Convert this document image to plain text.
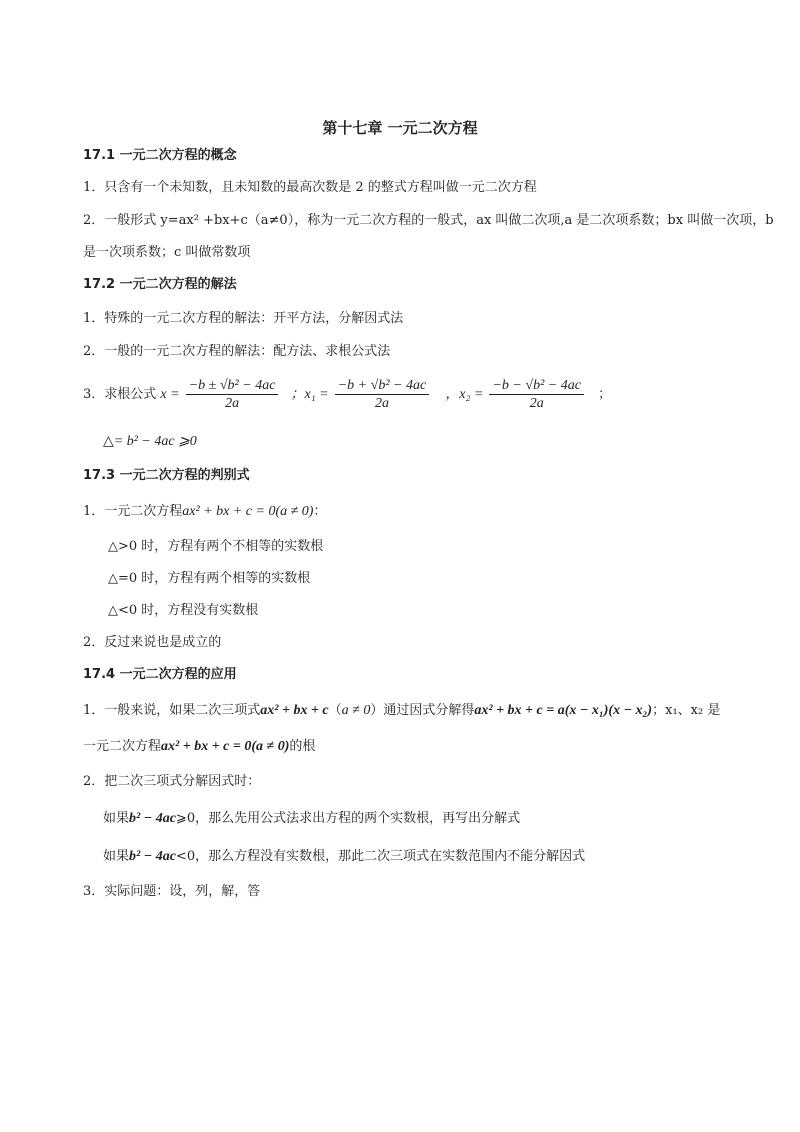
第十七章 一元二次方程
17.1 一元二次方程的概念
1．只含有一个未知数，且未知数的最高次数是 2 的整式方程叫做一元二次方程
2．一般形式 y=ax² +bx+c（a≠0），称为一元二次方程的一般式，ax 叫做二次项,a 是二次项系数；bx 叫做一次项，b
是一次项系数；c 叫做常数项
17.2 一元二次方程的解法
1．特殊的一元二次方程的解法：开平方法，分解因式法
2．一般的一元二次方程的解法：配方法、求根公式法
3．求根公式 $x = \frac{\text{−b ± √b² − 4ac}}{2a}$ ；$x_1 = \frac{\text{−b + √b² − 4ac}}{2a}$ ，$x_2 = \frac{\text{−b − √b² − 4ac}}{2a}$ ；
△= b² − 4ac ⩾0
17.3 一元二次方程的判别式
1．一元二次方程ax² + bx + c = 0(a ≠ 0)：
△>0 时，方程有两个不相等的实数根
△=0 时，方程有两个相等的实数根
△<0 时，方程没有实数根
2．反过来说也是成立的
17.4 一元二次方程的应用
1．一般来说，如果二次三项式ax² + bx + c（a ≠ 0）通过因式分解得ax² + bx + c = a(x − x₁)(x − x₂)；x₁、x₂ 是
一元二次方程ax² + bx + c = 0(a ≠ 0)的根
2．把二次三项式分解因式时：
如果b² − 4ac⩾0，那么先用公式法求出方程的两个实数根，再写出分解式
如果b² − 4ac<0，那么方程没有实数根，那此二次三项式在实数范围内不能分解因式
3．实际问题：设，列，解，答
